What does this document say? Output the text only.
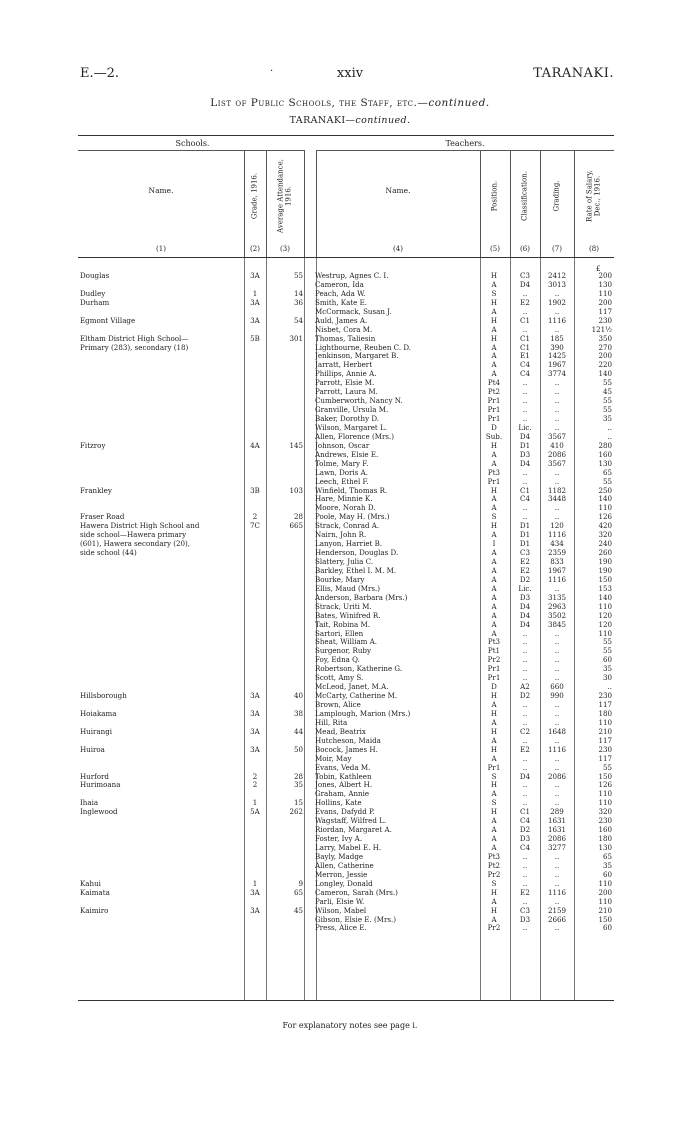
E.—2.	xxiv	TARANAKI.
·
List of Public Schools, the Staff, etc.—continued.
TARANAKI—continued.
Schools.	Teachers.
Name.	Grade, 1916.	Average Attendance, 1916.	Name.	Position.	Classification.	Grading.	Rate of Salary, Dec., 1916.
(1)	(2)	(3)	(4)	(5)	(6)	(7)	(8)
£
Douglas	3A	55 Westrup, Agnes C. I.	H	C3	2412	200
Cameron, Ida	A	D4	3013	130
Dudley	1	14 Peach, Ada W.	S	..	..	110
Durham	3A	36 Smith, Kate E.	H	E2	1902	200
McCormack, Susan J.	A	..	..	117
Egmont Village	3A	54 Auld, James A.	H	C1	1116	230
Nisbet, Cora M.	A	..	..	121½
Eltham District High School—	5B	301 Thomas, Taliesin	H	C1	185	350
Primary (283), secondary (18)	Lightbourne, Reuben C. D.	A	C1	390	270
Jenkinson, Margaret B.	A	E1	1425	200
Jarratt, Herbert	A	C4	1967	220
Phillips, Annie A.	A	C4	3774	140
Parrott, Elsie M.	Pt4	..	..	55
Parrott, Laura M.	Pt2	..	..	45
Cumberworth, Nancy N.	Pr1	..	..	55
Granville, Ursula M.	Pr1	..	..	55
Baker, Dorothy D.	Pr1	..	..	35
Wilson, Margaret L.	D	Lic.	..	..
Allen, Florence (Mrs.)	Sub.	D4	3567	..
Fitzroy	4A	145 Johnson, Oscar	H	D1	410	280
Andrews, Elsie E.	A	D3	2086	160
Tolme, Mary F.	A	D4	3567	130
Lawn, Doris A.	Pt3	..	..	65
Leech, Ethel F.	Pr1	..	..	55
Frankley	3B	103 Winfield, Thomas R.	H	C1	1182	250
Hare, Minnie K.	A	C4	3448	140
Moore, Norah D.	A	..	..	110
Fraser Road	2	28 Poole, May H. (Mrs.)	S	..	..	126
Hawera District High School and	7C	665 Strack, Conrad A.	H	D1	120	420
side school—Hawera primary	Nairn, John R.	A	D1	1116	320
(601), Hawera secondary (20),	Lanyon, Harriet B.	I	D1	434	240
side school (44)	Henderson, Douglas D.	A	C3	2359	260
Slattery, Julia C.	A	E2	833	190
Barkley, Ethel I. M. M.	A	E2	1967	190
Bourke, Mary	A	D2	1116	150
Ellis, Maud (Mrs.)	A	Lic.	..	153
Anderson, Barbara (Mrs.)	A	D3	3135	140
Strack, Uriti M.	A	D4	2963	110
Bates, Winifred R.	A	D4	3502	120
Tait, Robina M.	A	D4	3845	120
Sartori, Ellen	A	..	..	110
Sheat, William A.	Pt3	..	..	55
Surgenor, Ruby	Pt1	..	..	55
Foy, Edna Q.	Pr2	..	..	60
Robertson, Katherine G.	Pr1	..	..	35
Scott, Amy S.	Pr1	..	..	30
McLeod, Janet, M.A.	D	A2	660	..
Hillsborough	3A	40 McCarty, Catherine M.	H	D2	990	230
Brown, Alice	A	..	..	117
Hoiakama	3A	38 Lamplough, Marion (Mrs.)	H	..	..	180
Hill, Rita	A	..	..	110
Huirangi	3A	44 Mead, Beatrix	H	C2	1648	210
Hutcheson, Maida	A	..	..	117
Huiroa	3A	50 Bocock, James H.	H	E2	1116	230
Moir, May	A	..	..	117
Evans, Veda M.	Pr1	..	..	55
Hurford	2	28 Tobin, Kathleen	S	D4	2086	150
Hurimoana	2	35 Jones, Albert H.	H	..	..	126
Graham, Annie	A	..	..	110
Ihaia	1	15 Hollins, Kate	S	..	..	110
Inglewood	5A	262 Evans, Dafydd P.	H	C1	289	320
Wagstaff, Wilfred L.	A	C4	1631	230
Riordan, Margaret A.	A	D2	1631	160
Foster, Ivy A.	A	D3	2086	180
Larry, Mabel E. H.	A	C4	3277	130
Bayly, Madge	Pt3	..	..	65
Allen, Catherine	Pt2	..	..	35
Merron, Jessie	Pr2	..	..	60
Kahui	1	9 Longley, Donald	S	..	..	110
Kaimata	3A	65 Cameron, Sarah (Mrs.)	H	E2	1116	200
Parli, Elsie W.	A	..	..	110
Kaimiro	3A	45 Wilson, Mabel	H	C3	2159	210
Gibson, Elsie E. (Mrs.)	A	D3	2666	150
Press, Alice E.	Pr2	..	..	60
For explanatory notes see page i.
